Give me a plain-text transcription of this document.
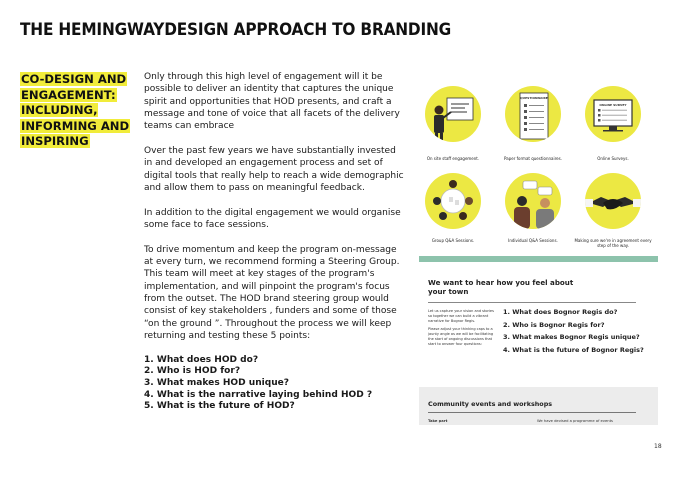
THE HEMINGWAYDESIGN APPROACH TO BRANDING
CO-DESIGN AND
ENGAGEMENT:
INCLUDING,
INFORMING AND
INSPIRING

Only through this high level of engagement will it be possible to deliver an identity that captures the unique spirit and opportunities that HOD presents, and craft a message and tone of voice that all facets of the delivery teams can embrace

Over the past few years we have substantially invested in and developed an engagement process and set of digital tools that really help to reach a wide demographic and allow them to pass on meaningful feedback.

In addition to the digital engagement we would organise some face to face sessions.

To drive momentum and keep the program on-message at every turn, we recommend forming a Steering Group. This team will meet at key stages of the program's implementation, and will pinpoint the program's focus from the outset. The HOD brand steering group would consist of key stakeholders , funders and some of those “on the ground ”. Throughout the process we will keep returning and testing these 5 points:

1. What does HOD do?
2. Who is HOD for?
3. What makes HOD unique?
4. What is the narrative laying behind HOD ?
5. What is the future of HOD?
On site staff engagement.
QUESTIONNAIRE
Paper format questionnaires.
ONLINE SURVEY
Online Surveys.
Group Q&A Sessions.	Individual Q&A Sessions.	Making sure we're in agreement every step of the way.
We want to hear how you feel about your town

Let us capture your vision and stories so together we can build a vibrant narrative for Bognor Regis.

Please adjust your thinking caps to a jaunty angle as we will be facilitating the start of ongoing discussions that start to answer four questions:

1. What does Bognor Regis do?
2. Who is Bognor Regis for?
3. What makes Bognor Regis unique?
4. What is the future of Bognor Regis?
Community events and workshops
Take part	We have devised a programme of events
18
